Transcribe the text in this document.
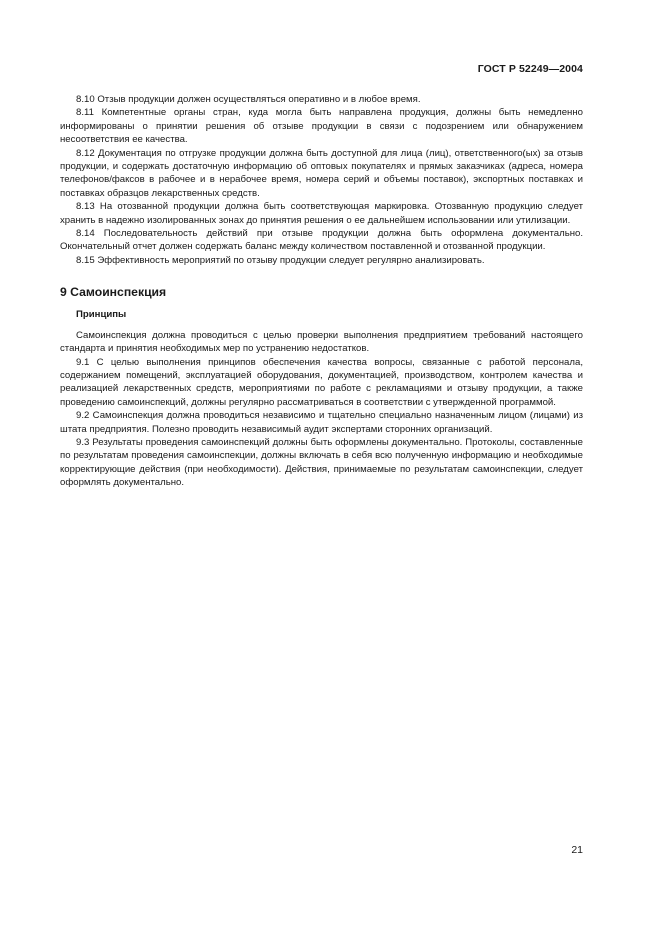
ГОСТ Р 52249—2004

8.10 Отзыв продукции должен осуществляться оперативно и в любое время.

8.11 Компетентные органы стран, куда могла быть направлена продукция, должны быть немедленно информированы о принятии решения об отзыве продукции в связи с подозрением или обнаружением несоответствия ее качества.

8.12 Документация по отгрузке продукции должна быть доступной для лица (лиц), ответственного(ых) за отзыв продукции, и содержать достаточную информацию об оптовых покупателях и прямых заказчиках (адреса, номера телефонов/факсов в рабочее и в нерабочее время, номера серий и объемы поставок), экспортных поставках и поставках образцов лекарственных средств.

8.13 На отозванной продукции должна быть соответствующая маркировка. Отозванную продукцию следует хранить в надежно изолированных зонах до принятия решения о ее дальнейшем использовании или утилизации.

8.14 Последовательность действий при отзыве продукции должна быть оформлена документально. Окончательный отчет должен содержать баланс между количеством поставленной и отозванной продукции.

8.15 Эффективность мероприятий по отзыву продукции следует регулярно анализировать.

9 Самоинспекция
Принципы

Самоинспекция должна проводиться с целью проверки выполнения предприятием требований настоящего стандарта и принятия необходимых мер по устранению недостатков.

9.1 С целью выполнения принципов обеспечения качества вопросы, связанные с работой персонала, содержанием помещений, эксплуатацией оборудования, документацией, производством, контролем качества и реализацией лекарственных средств, мероприятиями по работе с рекламациями и отзыву продукции, а также проведению самоинспекций, должны регулярно рассматриваться в соответствии с утвержденной программой.

9.2 Самоинспекция должна проводиться независимо и тщательно специально назначенным лицом (лицами) из штата предприятия. Полезно проводить независимый аудит экспертами сторонних организаций.

9.3 Результаты проведения самоинспекций должны быть оформлены документально. Протоколы, составленные по результатам проведения самоинспекции, должны включать в себя всю полученную информацию и необходимые корректирующие действия (при необходимости). Действия, принимаемые по результатам самоинспекции, следует оформлять документально.

21
